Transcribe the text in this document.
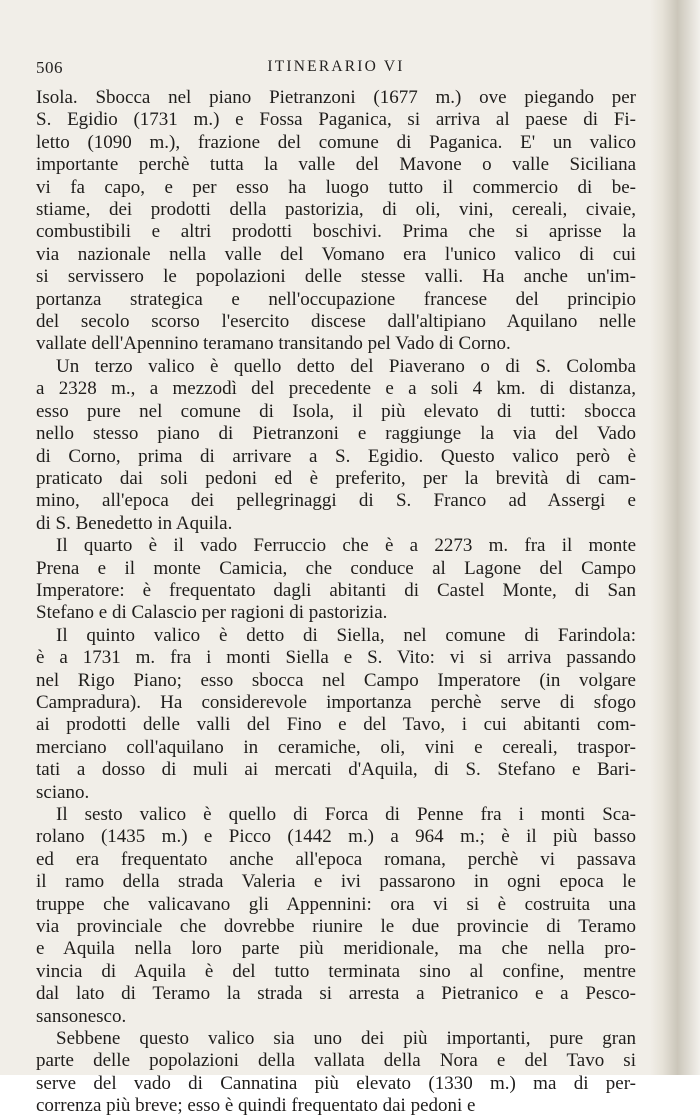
506	ITINERARIO VI

Isola. Sbocca nel piano Pietranzoni (1677 m.) ove piegando per
S. Egidio (1731 m.) e Fossa Paganica, si arriva al paese di Fi-
letto (1090 m.), frazione del comune di Paganica. E' un valico
importante perchè tutta la valle del Mavone o valle Siciliana
vi fa capo, e per esso ha luogo tutto il commercio di be-
stiame, dei prodotti della pastorizia, di oli, vini, cereali, civaie,
combustibili e altri prodotti boschivi. Prima che si aprisse la
via nazionale nella valle del Vomano era l'unico valico di cui
si servissero le popolazioni delle stesse valli. Ha anche un'im-
portanza strategica e nell'occupazione francese del principio
del secolo scorso l'esercito discese dall'altipiano Aquilano nelle
vallate dell'Apennino teramano transitando pel Vado di Corno.

Un terzo valico è quello detto del Piaverano o di S. Colomba
a 2328 m., a mezzodì del precedente e a soli 4 km. di distanza,
esso pure nel comune di Isola, il più elevato di tutti: sbocca
nello stesso piano di Pietranzoni e raggiunge la via del Vado
di Corno, prima di arrivare a S. Egidio. Questo valico però è
praticato dai soli pedoni ed è preferito, per la brevità di cam-
mino, all'epoca dei pellegrinaggi di S. Franco ad Assergi e
di S. Benedetto in Aquila.

Il quarto è il vado Ferruccio che è a 2273 m. fra il monte
Prena e il monte Camicia, che conduce al Lagone del Campo
Imperatore: è frequentato dagli abitanti di Castel Monte, di San
Stefano e di Calascio per ragioni di pastorizia.

Il quinto valico è detto di Siella, nel comune di Farindola:
è a 1731 m. fra i monti Siella e S. Vito: vi si arriva passando
nel Rigo Piano; esso sbocca nel Campo Imperatore (in volgare
Campradura). Ha considerevole importanza perchè serve di sfogo
ai prodotti delle valli del Fino e del Tavo, i cui abitanti com-
merciano coll'aquilano in ceramiche, oli, vini e cereali, traspor-
tati a dosso di muli ai mercati d'Aquila, di S. Stefano e Bari-
sciano.

Il sesto valico è quello di Forca di Penne fra i monti Sca-
rolano (1435 m.) e Picco (1442 m.) a 964 m.; è il più basso
ed era frequentato anche all'epoca romana, perchè vi passava
il ramo della strada Valeria e ivi passarono in ogni epoca le
truppe che valicavano gli Appennini: ora vi si è costruita una
via provinciale che dovrebbe riunire le due provincie di Teramo
e Aquila nella loro parte più meridionale, ma che nella pro-
vincia di Aquila è del tutto terminata sino al confine, mentre
dal lato di Teramo la strada si arresta a Pietranico e a Pesco-
sansonesco.

Sebbene questo valico sia uno dei più importanti, pure gran
parte delle popolazioni della vallata della Nora e del Tavo si
serve del vado di Cannatina più elevato (1330 m.) ma di per-
correnza più breve; esso è quindi frequentato dai pedoni e
